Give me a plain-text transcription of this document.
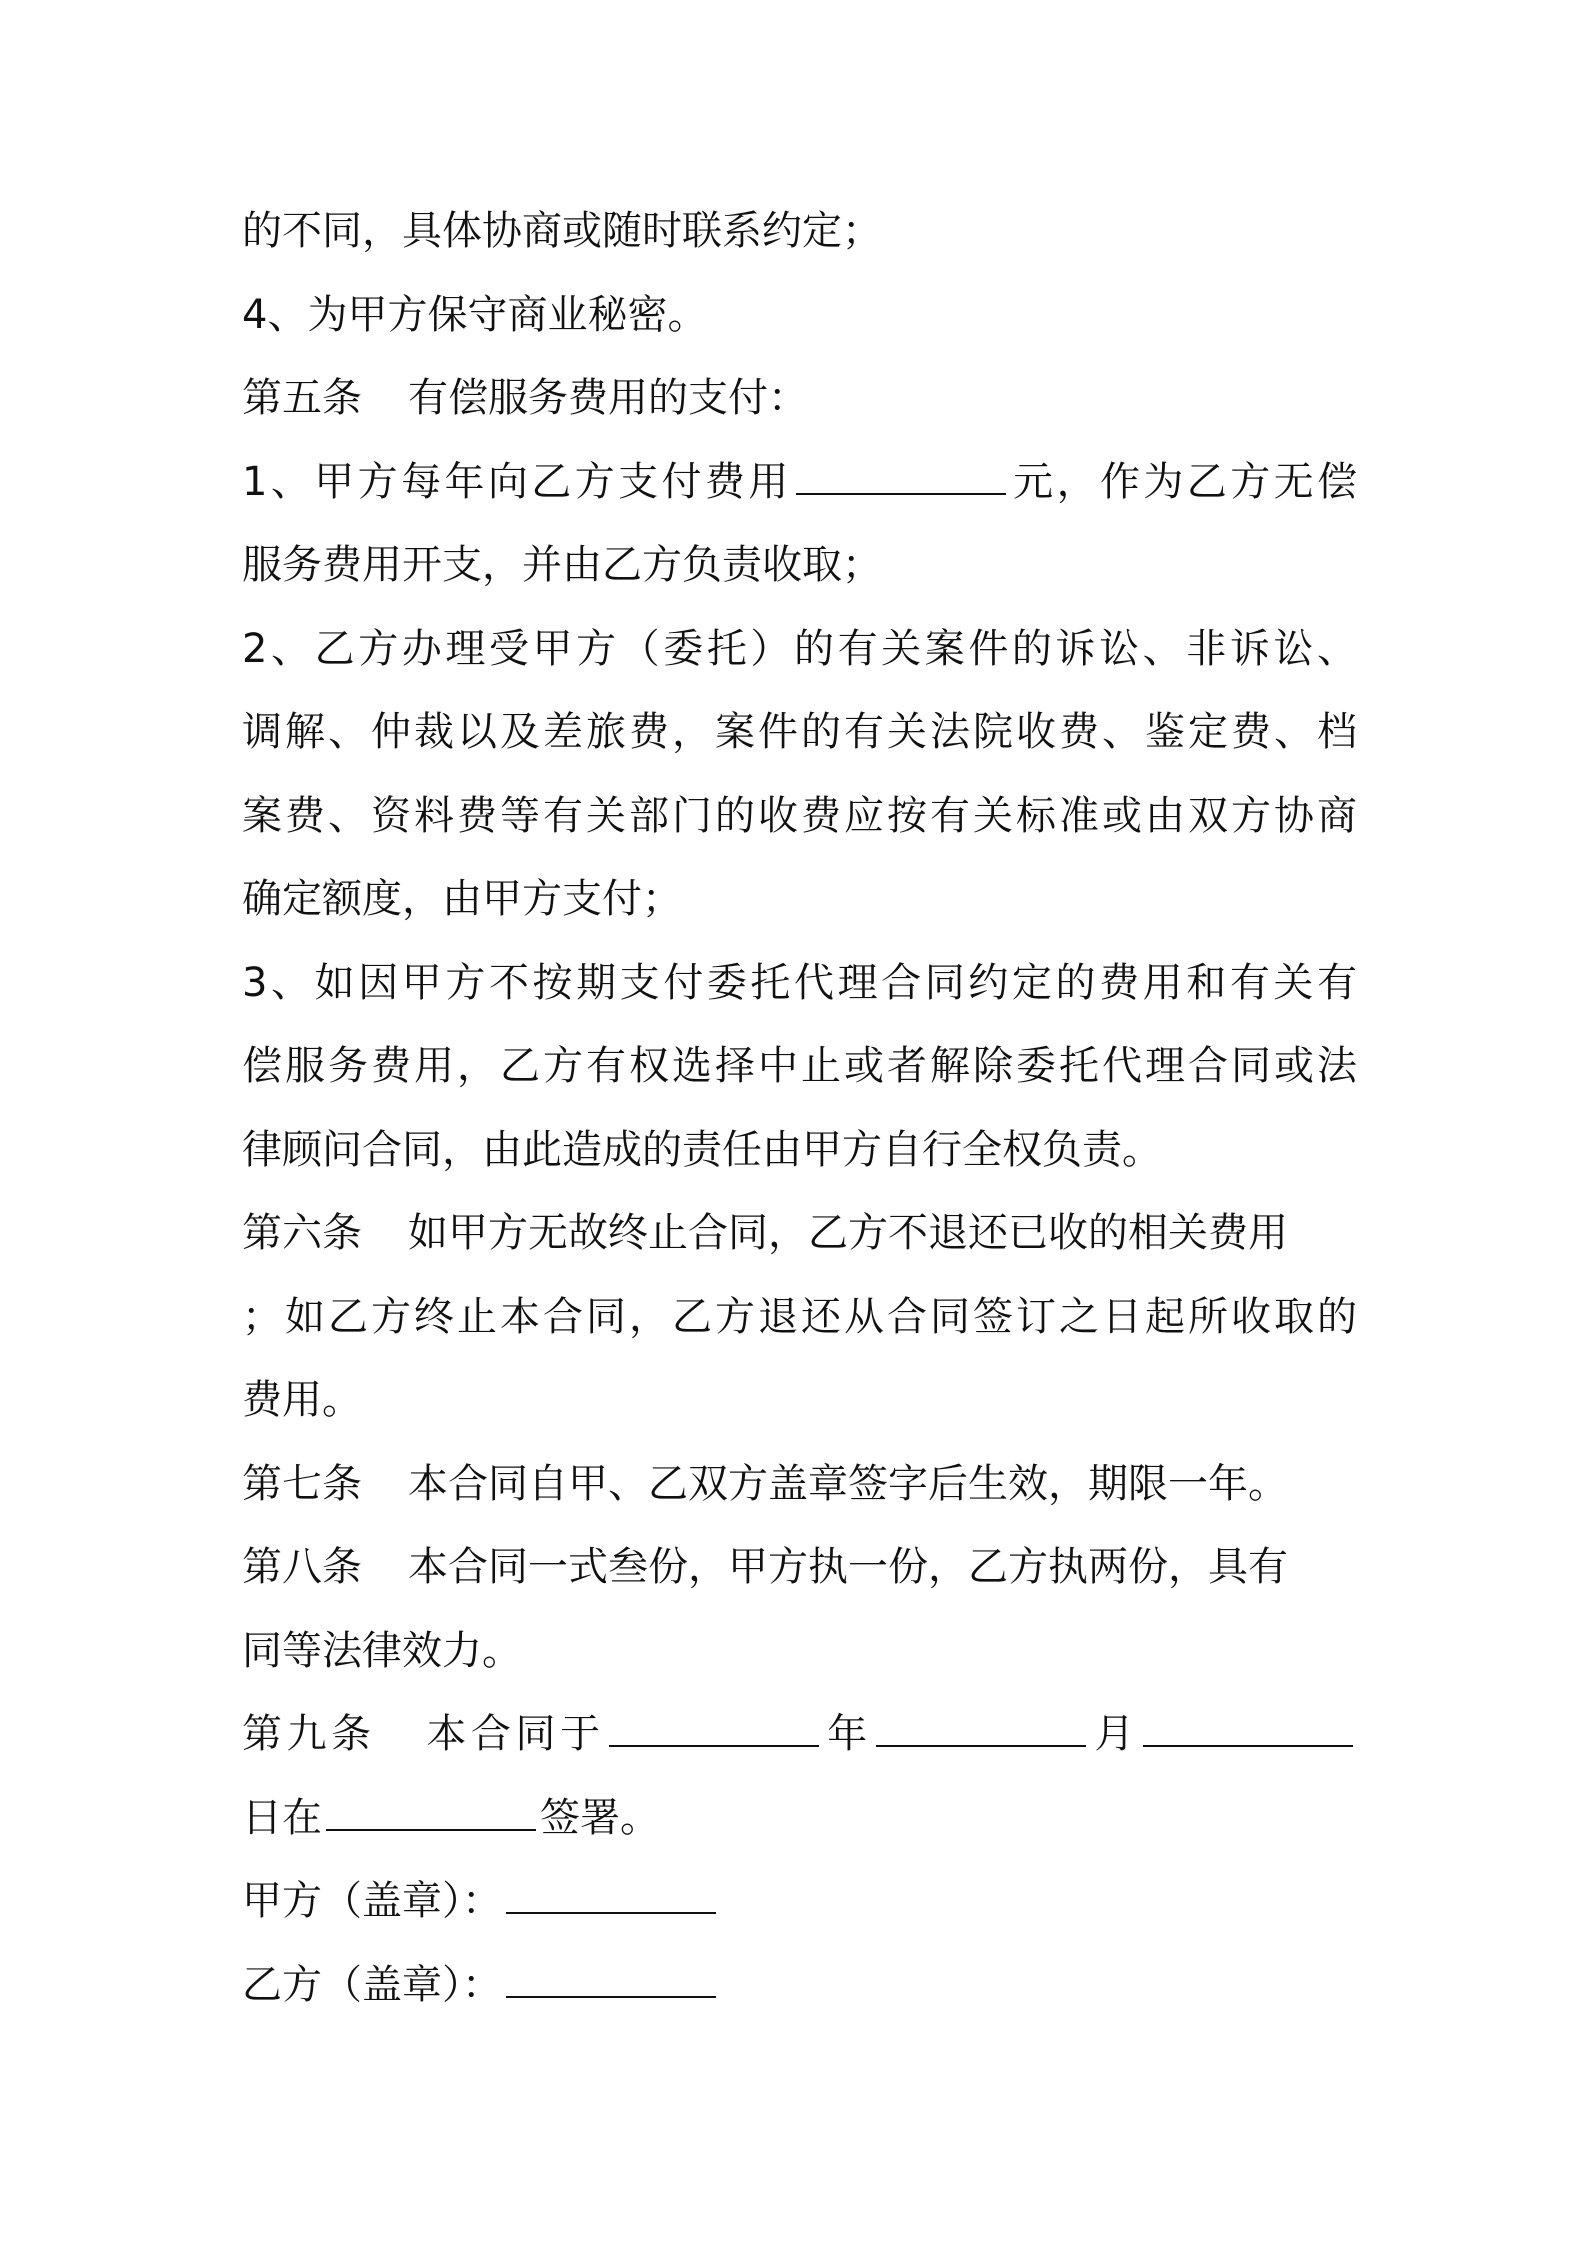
的不同，具体协商或随时联系约定；
4、为甲方保守商业秘密。
第五条 有偿服务费用的支付：
1、甲方每年向乙方支付费用	元，作为乙方无偿
服务费用开支，并由乙方负责收取；
2、乙方办理受甲方（委托）的有关案件的诉讼、非诉讼、
调解、仲裁以及差旅费，案件的有关法院收费、鉴定费、档
案费、资料费等有关部门的收费应按有关标准或由双方协商
确定额度，由甲方支付；
3、如因甲方不按期支付委托代理合同约定的费用和有关有
偿服务费用，乙方有权选择中止或者解除委托代理合同或法
律顾问合同，由此造成的责任由甲方自行全权负责。
第六条 如甲方无故终止合同，乙方不退还已收的相关费用
；如乙方终止本合同，乙方退还从合同签订之日起所收取的
费用。
第七条 本合同自甲、乙双方盖章签字后生效，期限一年。
第八条 本合同一式叁份，甲方执一份，乙方执两份，具有
同等法律效力。
第九条 本合同于	年	月
日在	签署。
甲方（盖章）：
乙方（盖章）：
